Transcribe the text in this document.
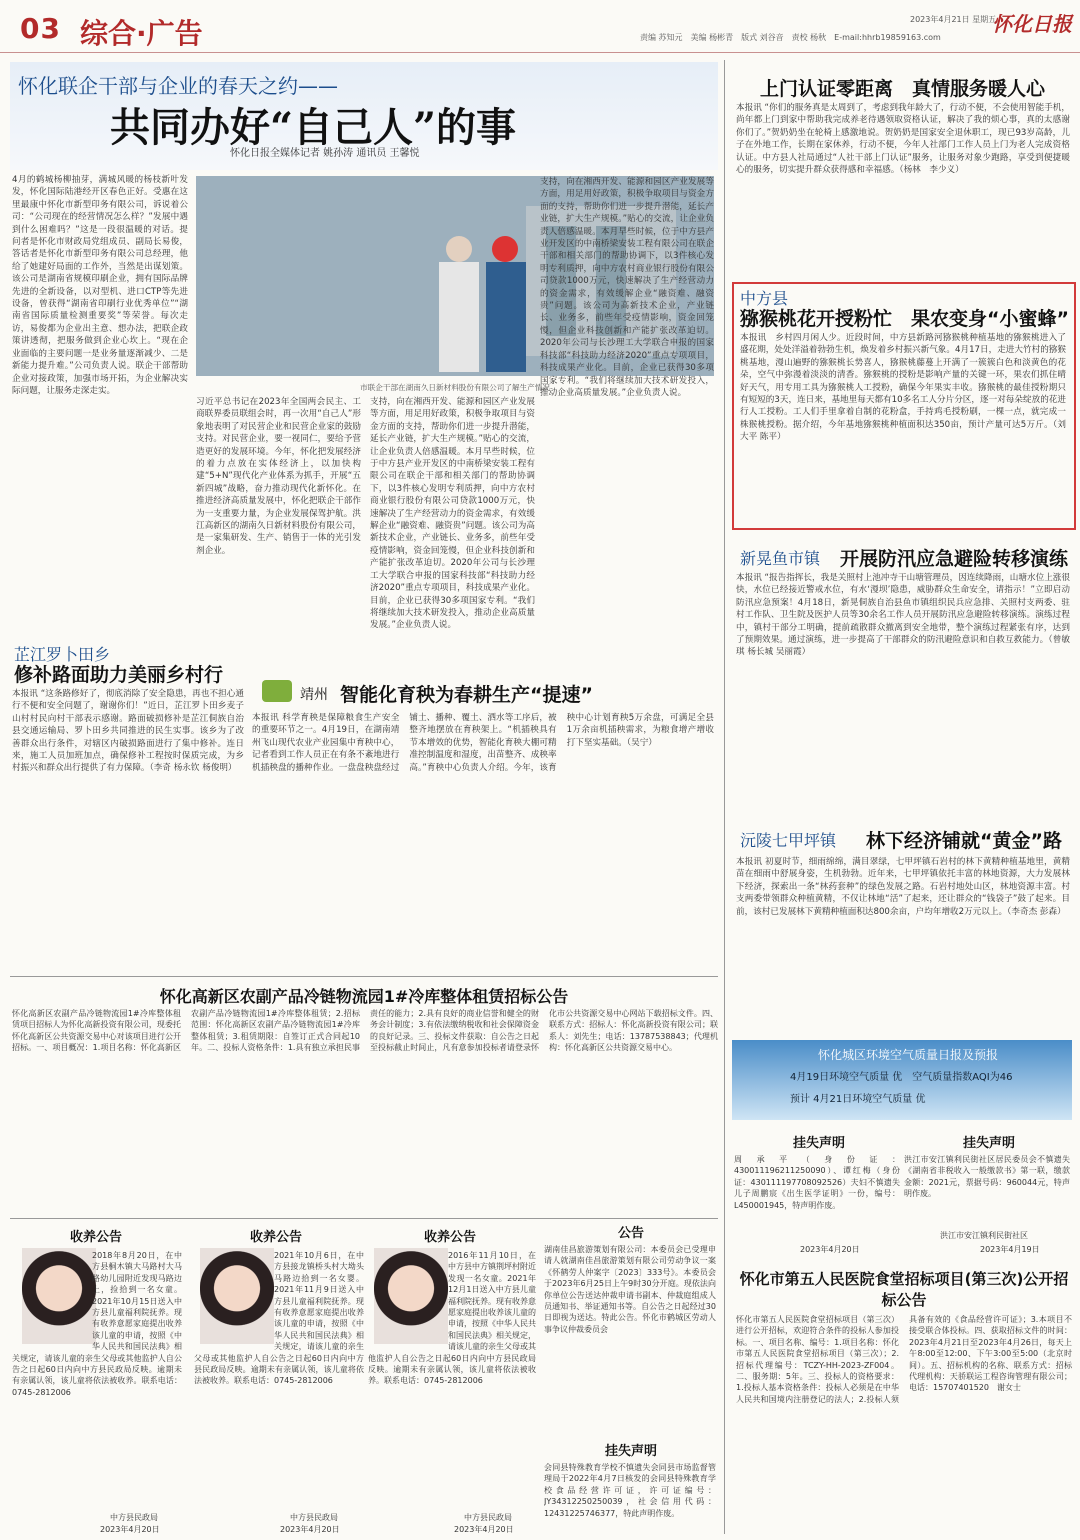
03 综合·广告	责编 苏知元　美编 杨彬青　版式 刘谷音　责校 杨秋　E-mail:hhrb19859163.com
2023年4月21日 星期五
怀化日报
怀化联企干部与企业的春天之约——
共同办好“自己人”的事
怀化日报全媒体记者 姚孙涛 通讯员 王馨悦
市联企干部在湖南久日新材料股份有限公司了解生产情况
4月的鹤城杨柳抽芽，满城风暖的杨枝新叶发发，怀化国际陆港经开区春色正好。受惠在这里最康中怀化市新型印务有限公司，诉说着公司：“公司现在的经营情况怎么样？”发展中遇到什么困难吗？”这是一段很温暖的对话。提问者是怀化市财政局党组成员、副局长易俊，答话者是怀化市新型印务有限公司总经理，他给了她建好局面的工作外，当然是出谋划策。该公司是湖南省规模印刷企业，拥有国际品牌先进的全新设备，以对型机、进口CTP等先进设备，曾获得“湖南省印刷行业优秀单位”“湖南省国际质量检测重要奖”等荣誉。每次走访，易俊都为企业出主意、想办法，把联企政策讲透彻，把服务做到企业心坎上。“现在企业面临的主要问题一是业务量逐渐减少、二是新能力提升难。”公司负责人说。联企干部帮助企业对接政策，加强市场开拓，为企业解决实际问题，让服务走深走实。
习近平总书记在2023年全国两会民主、工商联界委员联组会时，再一次用“自己人”形象地表明了对民营企业和民营企业家的鼓励支持。对民营企业，要一视同仁，要给予营造更好的发展环境。今年，怀化把发展经济的着力点放在实体经济上，以加快构建“5+N”现代化产业体系为抓手，开展“五新四城”战略，奋力推动现代化新怀化。在推进经济高质量发展中，怀化把联企干部作为一支重要力量，为企业发展保驾护航。洪江高新区的湖南久日新材料股份有限公司，是一家集研发、生产、销售于一体的光引发剂企业。
支持，向在湘西开发、能源和园区产业发展等方面，用足用好政策，积极争取项目与资金方面的支持，帮助你们进一步提升潜能，延长产业链，扩大生产规模。”贴心的交流，让企业负责人倍感温暖。本月早些时候，位于中方县产业开发区的中南桥梁安装工程有限公司在联企干部和相关部门的帮助协调下，以3件核心发明专利质押，向中方农村商业银行股份有限公司贷款1000万元，快速解决了生产经营动力的资金需求，有效缓解企业“融资难、融资贵”问题。该公司为高新技术企业，产业链长、业务多，前些年受疫情影响，资金回笼慢，但企业科技创新和产能扩张改革迫切。2020年公司与长沙理工大学联合申报的国家科技部“科技助力经济2020”重点专项项目，科技成果产业化。目前，企业已获得30多项国家专利。“我们将继续加大技术研发投入，推动企业高质量发展。”企业负责人说。
支持，向在湘西开发、能源和园区产业发展等方面，用足用好政策，积极争取项目与资金方面的支持，帮助你们进一步提升潜能，延长产业链，扩大生产规模。”贴心的交流，让企业负责人倍感温暖。本月早些时候，位于中方县产业开发区的中南桥梁安装工程有限公司在联企干部和相关部门的帮助协调下，以3件核心发明专利质押，向中方农村商业银行股份有限公司贷款1000万元，快速解决了生产经营动力的资金需求，有效缓解企业“融资难、融资贵”问题。该公司为高新技术企业，产业链长、业务多，前些年受疫情影响，资金回笼慢，但企业科技创新和产能扩张改革迫切。2020年公司与长沙理工大学联合申报的国家科技部“科技助力经济2020”重点专项项目，科技成果产业化。目前，企业已获得30多项国家专利。“我们将继续加大技术研发投入，推动企业高质量发展。”企业负责人说。
上门认证零距离　真情服务暖人心
本报讯 “你们的服务真是太周到了，考虑到我年龄大了，行动不便，不会使用智能手机，尚年都上门到家中帮助我完成养老待遇领取资格认证，解决了我的烦心事，真的太感谢你们了。”贺奶奶坐在轮椅上感激地说。贺奶奶是国家安全退休职工，现已93岁高龄，儿子在外地工作，长期在家休养，行动不便，今年人社部门工作人员上门为老人完成资格认证。中方县人社局通过“人社干部上门认证”服务，让服务对象少跑路，享受到便捷暖心的服务，切实提升群众获得感和幸福感。（杨林　李少义）
中方县
猕猴桃花开授粉忙　果农变身“小蜜蜂”
本报讯　乡村四月闲人少。近段时间，中方县新路河猕猴桃种植基地的猕猴桃进入了盛花期，处处洋溢着勃勃生机，焕发着乡村振兴新气象。4月17日，走进大竹村的猕猴桃基地，漫山遍野的猕猴桃长势喜人，猕猴桃藤蔓上开满了一簇簇白色和淡黄色的花朵，空气中弥漫着淡淡的清香。猕猴桃的授粉是影响产量的关键一环，果农们抓住晴好天气，用专用工具为猕猴桃人工授粉，确保今年果实丰收。猕猴桃的最佳授粉期只有短短的3天，连日来，基地里每天都有10多名工人分片分区，逐一对每朵绽放的花进行人工授粉。工人们手里拿着自制的花粉盒，手持鸡毛授粉刷，一棵一点，就完成一株猴桃授粉。据介绍，今年基地猕猴桃种植面积达350亩，预计产量可达5万斤。（刘大平 陈平）
新晃鱼市镇 开展防汛应急避险转移演练
本报讯 “报告指挥长，我是关照村上池冲寺干山塘管理员，因连续降雨，山塘水位上涨很快，水位已经接近警戒水位，有水‘漫坝’隐患，威胁群众生命安全，请指示！”立即启动防汛应急预案！4月18日，新晃侗族自治县鱼市镇组织民兵应急排、关照村支两委、驻村工作队、卫生院及医护人员等30余名工作人员开展防汛应急避险转移演练。演练过程中，镇村干部分工明确，提前疏散群众撤离到安全地带，整个演练过程紧张有序，达到了预期效果。通过演练，进一步提高了干部群众的防汛避险意识和自救互救能力。（曾敏琪 杨长城 吴丽霞）
沅陵七甲坪镇 林下经济铺就“黄金”路
本报讯 初夏时节，细雨绵绵，满目翠绿，七甲坪镇石岩村的林下黄精种植基地里，黄精苗在细雨中舒展身姿，生机勃勃。近年来，七甲坪镇依托丰富的林地资源，大力发展林下经济，探索出一条“林药套种”的绿色发展之路。石岩村地处山区，林地资源丰富。村支两委带领群众种植黄精，不仅让林地“活”了起来，还让群众的“钱袋子”鼓了起来。目前，该村已发展林下黄精种植面积达800余亩，户均年增收2万元以上。（李奇杰 彭森）
怀化城区环境空气质量日报及预报
4月19日环境空气质量 优　空气质量指数AQI为46
预计 4月21日环境空气质量 优
芷江罗卜田乡
修补路面助力美丽乡村行
本报讯 “这条路修好了，彻底消除了安全隐患，再也不担心通行不便和安全问题了，谢谢你们！”近日，芷江罗卜田乡麦子山村村民向村干部表示感谢。路面破损修补是芷江侗族自治县交通运输局、罗卜田乡共同推进的民生实事。该乡为了改善群众出行条件，对辖区内破损路面进行了集中修补。连日来，施工人员加班加点，确保修补工程按时保质完成，为乡村振兴和群众出行提供了有力保障。（李奇 杨永钦 杨俊明）
靖州 智能化育秧为春耕生产“提速”
本报讯 科学育秧是保障粮食生产安全的重要环节之一。4月19日，在湖南靖州飞山现代农业产业园集中育秧中心，记者看到工作人员正在有条不紊地进行机插秧盘的播种作业。一盘盘秧盘经过铺土、播种、覆土、洒水等工序后，被整齐地摆放在育秧架上。“机插秧具有节本增效的优势，智能化育秧大棚可精准控制温度和湿度，出苗整齐、成秧率高。”育秧中心负责人介绍。今年，该育秧中心计划育秧5万余盘，可满足全县1万余亩机插秧需求，为粮食增产增收打下坚实基础。（吴宁）
怀化高新区农副产品冷链物流园1#冷库整体租赁招标公告
怀化高新区农副产品冷链物流园1#冷库整体租赁项目招标人为怀化高新投资有限公司，现委托怀化高新区公共资源交易中心对该项目进行公开招标。一、项目概况：1.项目名称：怀化高新区农副产品冷链物流园1#冷库整体租赁；2.招标范围：怀化高新区农副产品冷链物流园1#冷库整体租赁；3.租赁期限：自签订正式合同起10年。二、投标人资格条件：1.具有独立承担民事责任的能力；2.具有良好的商业信誉和健全的财务会计制度；3.有依法缴纳税收和社会保障资金的良好记录。三、投标文件获取：自公告之日起至投标截止时间止，凡有意参加投标者请登录怀化市公共资源交易中心网站下载招标文件。四、联系方式：招标人：怀化高新投资有限公司；联系人：刘先生；电话：13787538843；代理机构：怀化高新区公共资源交易中心。
收养公告
2018年8月20日，在中方县桐木镇大马路村大马路幼儿园附近发现马路边上，捡拾到一名女童。2021年10月15日送入中方县儿童福利院抚养。现有收养意愿家庭提出收养该儿童的申请，按照《中华人民共和国民法典》相关规定，请该儿童的亲生父母或其他监护人自公告之日起60日内向中方县民政局反映。逾期未有亲属认领，该儿童将依法被收养。联系电话：0745-2812006
中方县民政局
2023年4月20日
收养公告
2021年10月6日，在中方县接龙镇桥头村大坳头马路边拾到一名女婴。2021年11月9日送入中方县儿童福利院抚养。现有收养意愿家庭提出收养该儿童的申请，按照《中华人民共和国民法典》相关规定，请该儿童的亲生父母或其他监护人自公告之日起60日内向中方县民政局反映。逾期未有亲属认领，该儿童将依法被收养。联系电话：0745-2812006
中方县民政局
2023年4月20日
收养公告
2016年11月10日，在中方县中方镇荆坪村附近发现一名女童。2021年12月1日送入中方县儿童福利院抚养。现有收养意愿家庭提出收养该儿童的申请，按照《中华人民共和国民法典》相关规定，请该儿童的亲生父母或其他监护人自公告之日起60日内向中方县民政局反映。逾期未有亲属认领，该儿童将依法被收养。联系电话：0745-2812006
中方县民政局
2023年4月20日
公告
湖南佳昌旅游策划有限公司：本委员会已受理申请人就湖南佳昌旅游策划有限公司劳动争议一案《怀鹤劳人仲案字〔2023〕333号》。本委员会于2023年6月25日上午9时30分开庭。现依法向你单位公告送达仲裁申请书副本、仲裁庭组成人员通知书、举证通知书等。自公告之日起经过30日即视为送达。特此公告。怀化市鹤城区劳动人事争议仲裁委员会
挂失声明
会同县特殊教育学校不慎遗失会同县市场监督管理局于2022年4月7日核发的会同县特殊教育学校食品经营许可证，许可证编号：JY34312250250039，社会信用代码：12431225746377，特此声明作废。
挂失声明
周承平（身份证：430011196211250090）、谭红梅（身份证：430111197708092526）夫妇不慎遗失儿子周鹏宸《出生医学证明》一份，编号：L450001945，特声明作废。
2023年4月20日
挂失声明
洪江市安江镇利民街社区居民委员会不慎遗失《湖南省非税收入一般缴款书》第一联，缴款金额：2021元，票据号码：960044元，特声明作废。
洪江市安江镇利民街社区
2023年4月19日
怀化市第五人民医院食堂招标项目(第三次)公开招标公告
怀化市第五人民医院食堂招标项目（第三次）进行公开招标，欢迎符合条件的投标人参加投标。一、项目名称、编号：1.项目名称：怀化市第五人民医院食堂招标项目（第三次）；2.招标代理编号：TCZY-HH-2023-ZF004。二、服务期：5年。三、投标人的资格要求：1.投标人基本资格条件：投标人必须是在中华人民共和国境内注册登记的法人；2.投标人须具备有效的《食品经营许可证》；3.本项目不接受联合体投标。四、获取招标文件的时间：2023年4月21日至2023年4月26日，每天上午8:00至12:00、下午3:00至5:00（北京时间）。五、招标机构的名称、联系方式：招标代理机构：天骄联运工程咨询管理有限公司；电话：15707401520　谢女士
